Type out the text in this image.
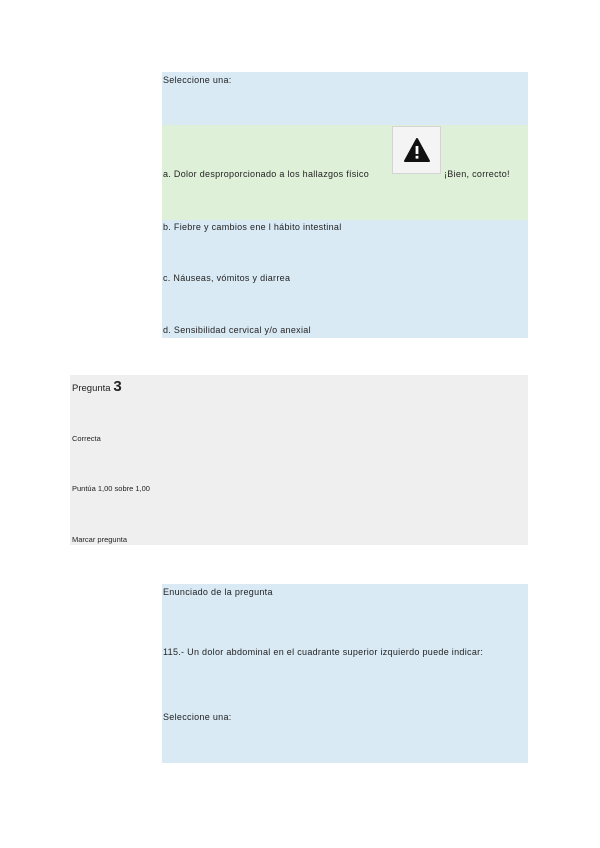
Seleccione una:
a. Dolor desproporcionado a los hallazgos físico	¡Bien, correcto!
b. Fiebre y cambios ene l hábito intestinal
c. Náuseas, vómitos y diarrea
d. Sensibilidad cervical y/o anexial
Pregunta 3
Correcta
Puntúa 1,00 sobre 1,00
Marcar pregunta
Enunciado de la pregunta
115.- Un dolor abdominal en el cuadrante superior izquierdo puede indicar:
Seleccione una:
